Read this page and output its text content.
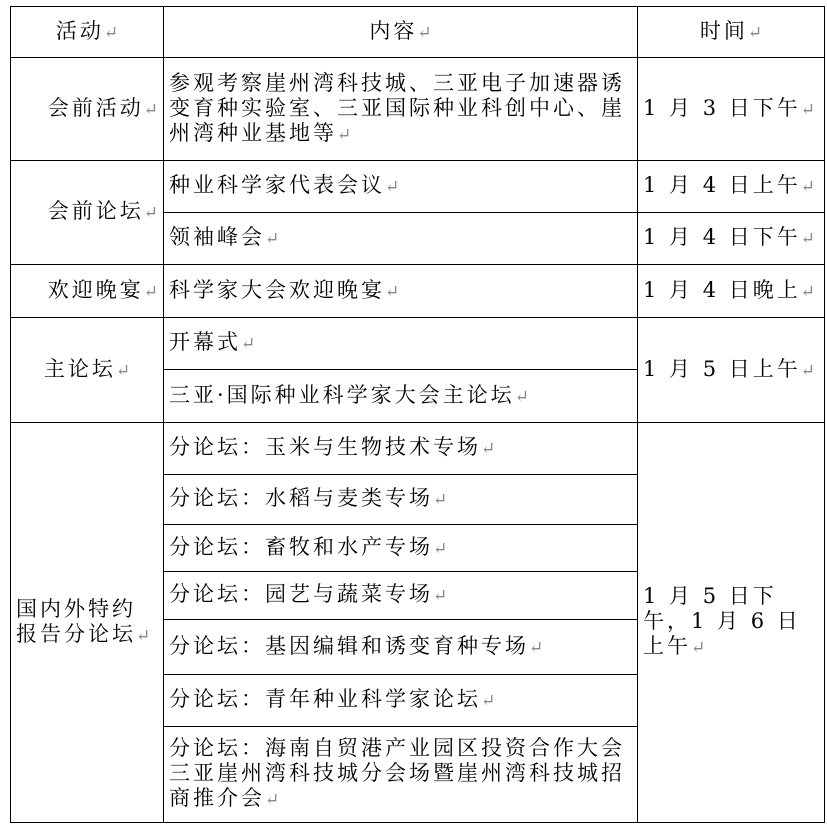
活动↵	内容↵	时间↵
会前活动↵	参观考察崖州湾科技城、三亚电子加速器诱变育种实验室、三亚国际种业科创中心、崖州湾种业基地等↵	1 月 3 日下午↵
会前论坛↵	种业科学家代表会议↵	1 月 4 日上午↵
	领袖峰会↵	1 月 4 日下午↵
欢迎晚宴↵	科学家大会欢迎晚宴↵	1 月 4 日晚上↵
主论坛↵	开幕式↵	1 月 5 日上午↵
	三亚·国际种业科学家大会主论坛↵	
国内外特约报告分论坛↵	分论坛：玉米与生物技术专场↵	1 月 5 日下午，1 月 6 日上午↵
	分论坛：水稻与麦类专场↵	
	分论坛：畜牧和水产专场↵	
	分论坛：园艺与蔬菜专场↵	
	分论坛：基因编辑和诱变育种专场↵	
	分论坛：青年种业科学家论坛↵	
	分论坛：海南自贸港产业园区投资合作大会三亚崖州湾科技城分会场暨崖州湾科技城招商推介会↵	
